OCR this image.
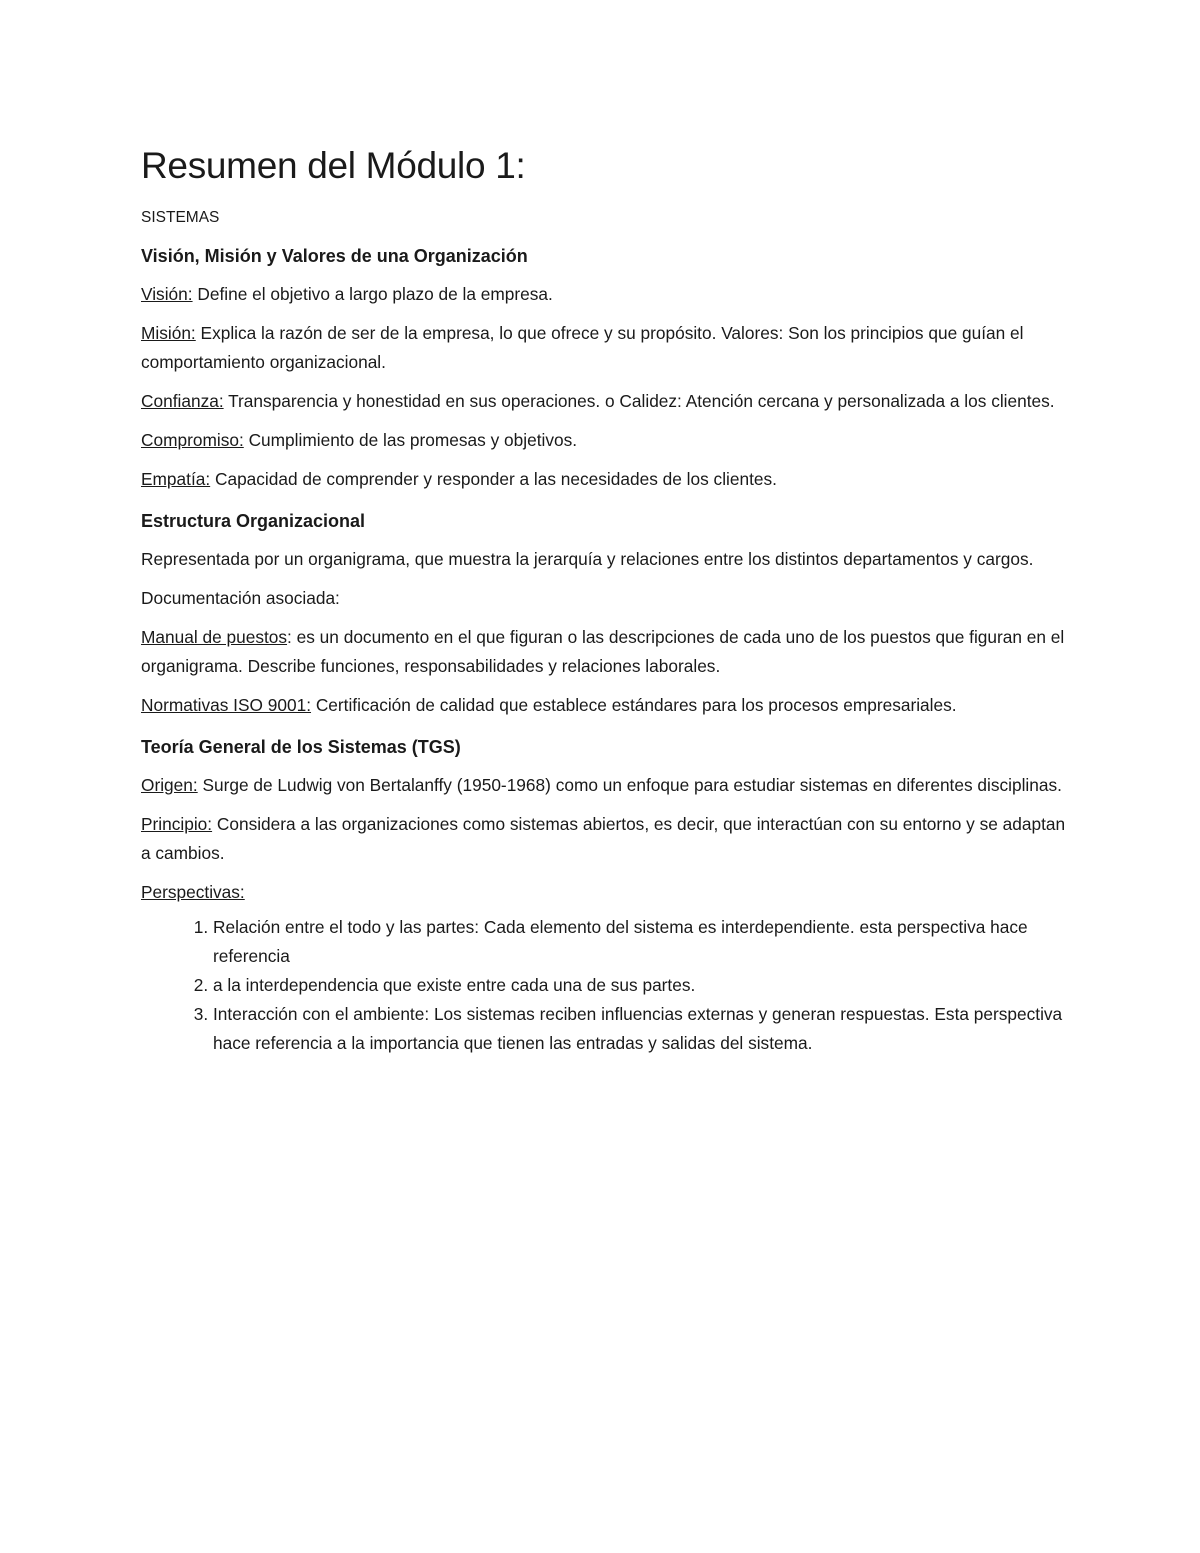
Resumen del Módulo 1:
SISTEMAS
Visión, Misión y Valores de una Organización

Visión: Define el objetivo a largo plazo de la empresa.

Misión: Explica la razón de ser de la empresa, lo que ofrece y su propósito. Valores: Son los principios que guían el comportamiento organizacional.

Confianza: Transparencia y honestidad en sus operaciones. o Calidez: Atención cercana y personalizada a los clientes.

Compromiso: Cumplimiento de las promesas y objetivos.

Empatía: Capacidad de comprender y responder a las necesidades de los clientes.

Estructura Organizacional

Representada por un organigrama, que muestra la jerarquía y relaciones entre los distintos departamentos y cargos.

Documentación asociada:

Manual de puestos: es un documento en el que figuran o las descripciones de cada uno de los puestos que figuran en el organigrama. Describe funciones, responsabilidades y relaciones laborales.

Normativas ISO 9001: Certificación de calidad que establece estándares para los procesos empresariales.

Teoría General de los Sistemas (TGS)

Origen: Surge de Ludwig von Bertalanffy (1950-1968) como un enfoque para estudiar sistemas en diferentes disciplinas.

Principio: Considera a las organizaciones como sistemas abiertos, es decir, que interactúan con su entorno y se adaptan a cambios.

Perspectivas:

1. Relación entre el todo y las partes: Cada elemento del sistema es interdependiente. esta perspectiva hace referencia
2. a la interdependencia que existe entre cada una de sus partes.
3. Interacción con el ambiente: Los sistemas reciben influencias externas y generan respuestas. Esta perspectiva hace referencia a la importancia que tienen las entradas y salidas del sistema.
